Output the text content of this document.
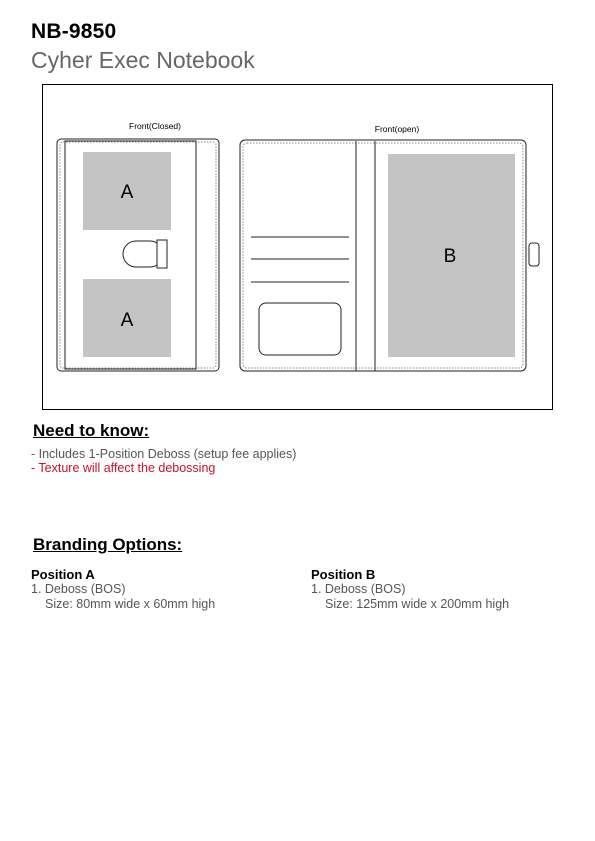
NB-9850
Cyher Exec Notebook
A
A
Front(Closed)
B
Front(open)
Need to know:
- Includes 1-Position Deboss (setup fee applies)
- Texture will affect the debossing
Branding Options:
Position A
1. Deboss (BOS)
Size: 80mm wide x 60mm high
Position B
1. Deboss (BOS)
Size: 125mm wide x 200mm high
